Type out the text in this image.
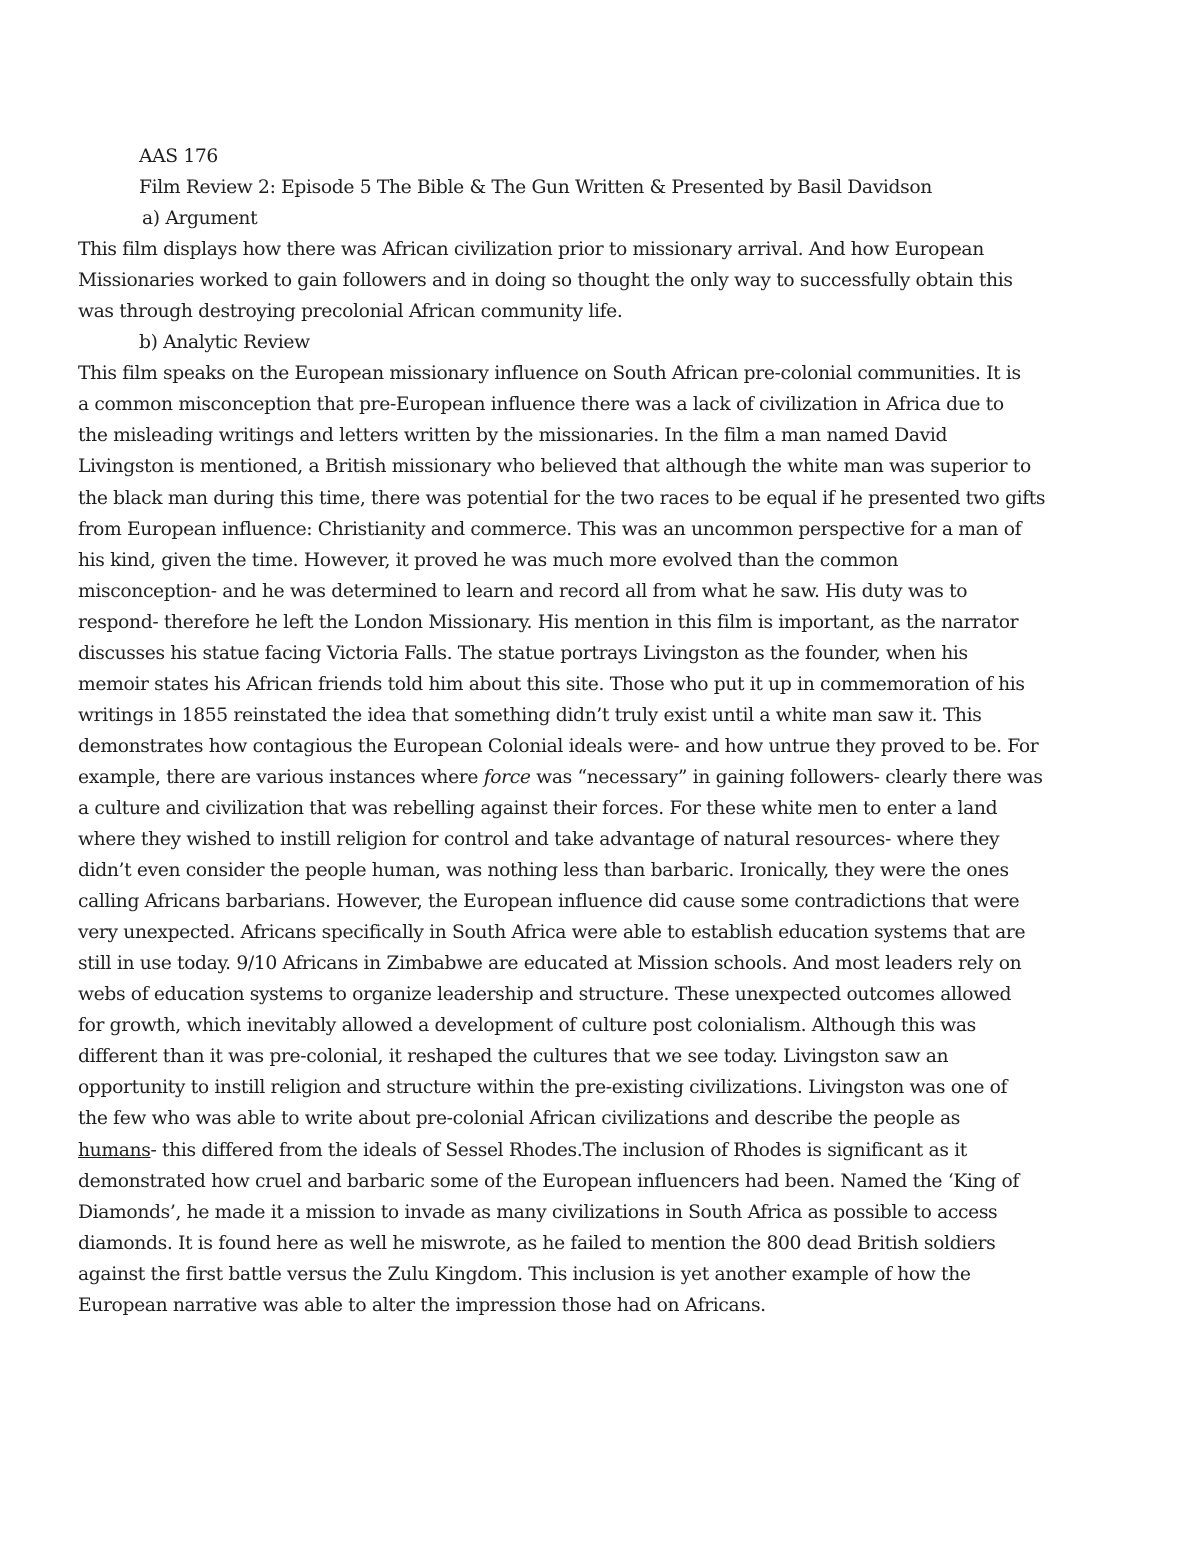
AAS 176
Film Review 2: Episode 5 The Bible & The Gun Written & Presented by Basil Davidson
a) Argument
This film displays how there was African civilization prior to missionary arrival. And how European
Missionaries worked to gain followers and in doing so thought the only way to successfully obtain this
was through destroying precolonial African community life.
b) Analytic Review
This film speaks on the European missionary influence on South African pre-colonial communities. It is
a common misconception that pre-European influence there was a lack of civilization in Africa due to
the misleading writings and letters written by the missionaries. In the film a man named David
Livingston is mentioned, a British missionary who believed that although the white man was superior to
the black man during this time, there was potential for the two races to be equal if he presented two gifts
from European influence: Christianity and commerce. This was an uncommon perspective for a man of
his kind, given the time. However, it proved he was much more evolved than the common
misconception- and he was determined to learn and record all from what he saw. His duty was to
respond- therefore he left the London Missionary. His mention in this film is important, as the narrator
discusses his statue facing Victoria Falls. The statue portrays Livingston as the founder, when his
memoir states his African friends told him about this site. Those who put it up in commemoration of his
writings in 1855 reinstated the idea that something didn’t truly exist until a white man saw it. This
demonstrates how contagious the European Colonial ideals were- and how untrue they proved to be. For
example, there are various instances where force was “necessary” in gaining followers- clearly there was
a culture and civilization that was rebelling against their forces. For these white men to enter a land
where they wished to instill religion for control and take advantage of natural resources- where they
didn’t even consider the people human, was nothing less than barbaric. Ironically, they were the ones
calling Africans barbarians. However, the European influence did cause some contradictions that were
very unexpected. Africans specifically in South Africa were able to establish education systems that are
still in use today. 9/10 Africans in Zimbabwe are educated at Mission schools. And most leaders rely on
webs of education systems to organize leadership and structure. These unexpected outcomes allowed
for growth, which inevitably allowed a development of culture post colonialism. Although this was
different than it was pre-colonial, it reshaped the cultures that we see today. Livingston saw an
opportunity to instill religion and structure within the pre-existing civilizations. Livingston was one of
the few who was able to write about pre-colonial African civilizations and describe the people as
humans- this differed from the ideals of Sessel Rhodes.The inclusion of Rhodes is significant as it
demonstrated how cruel and barbaric some of the European influencers had been. Named the ‘King of
Diamonds’, he made it a mission to invade as many civilizations in South Africa as possible to access
diamonds. It is found here as well he miswrote, as he failed to mention the 800 dead British soldiers
against the first battle versus the Zulu Kingdom. This inclusion is yet another example of how the
European narrative was able to alter the impression those had on Africans.
